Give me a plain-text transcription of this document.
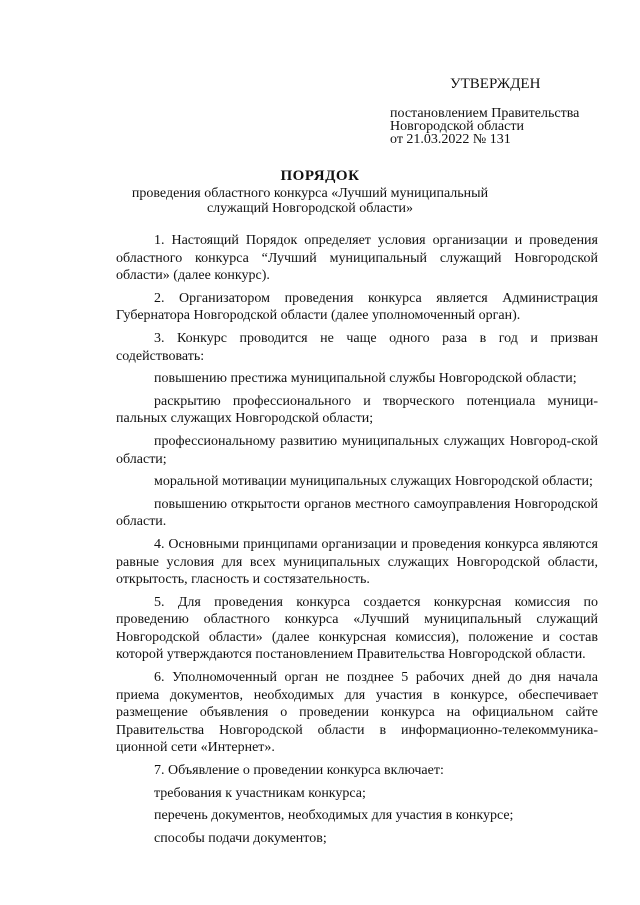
УТВЕРЖДЕН
постановлением Правительства
Новгородской области
от 21.03.2022 № 131
ПОРЯДОК
проведения областного конкурса «Лучший муниципальный служащий Новгородской области»

1. Настоящий Порядок определяет условия организации и проведения областного конкурса “Лучший муниципальный служащий Новгородской области» (далее конкурс).

2. Организатором проведения конкурса является Администрация Губернатора Новгородской области (далее уполномоченный орган).

3. Конкурс проводится не чаще одного раза в год и призван содействовать:

повышению престижа муниципальной службы Новгородской области;

раскрытию профессионального и творческого потенциала муници-пальных служащих Новгородской области;

профессиональному развитию муниципальных служащих Новгород-ской области;

моральной мотивации муниципальных служащих Новгородской области;

повышению открытости органов местного самоуправления Новгородской области.

4. Основными принципами организации и проведения конкурса являются равные условия для всех муниципальных служащих Новгородской области, открытость, гласность и состязательность.

5. Для проведения конкурса создается конкурсная комиссия по проведению областного конкурса «Лучший муниципальный служащий Новгородской области» (далее конкурсная комиссия), положение и состав которой утверждаются постановлением Правительства Новгородской области.

6. Уполномоченный орган не позднее 5 рабочих дней до дня начала приема документов, необходимых для участия в конкурсе, обеспечивает размещение объявления о проведении конкурса на официальном сайте Правительства Новгородской области в информационно-телекоммуника-ционной сети «Интернет».

7. Объявление о проведении конкурса включает:

требования к участникам конкурса;

перечень документов, необходимых для участия в конкурсе;

способы подачи документов;
